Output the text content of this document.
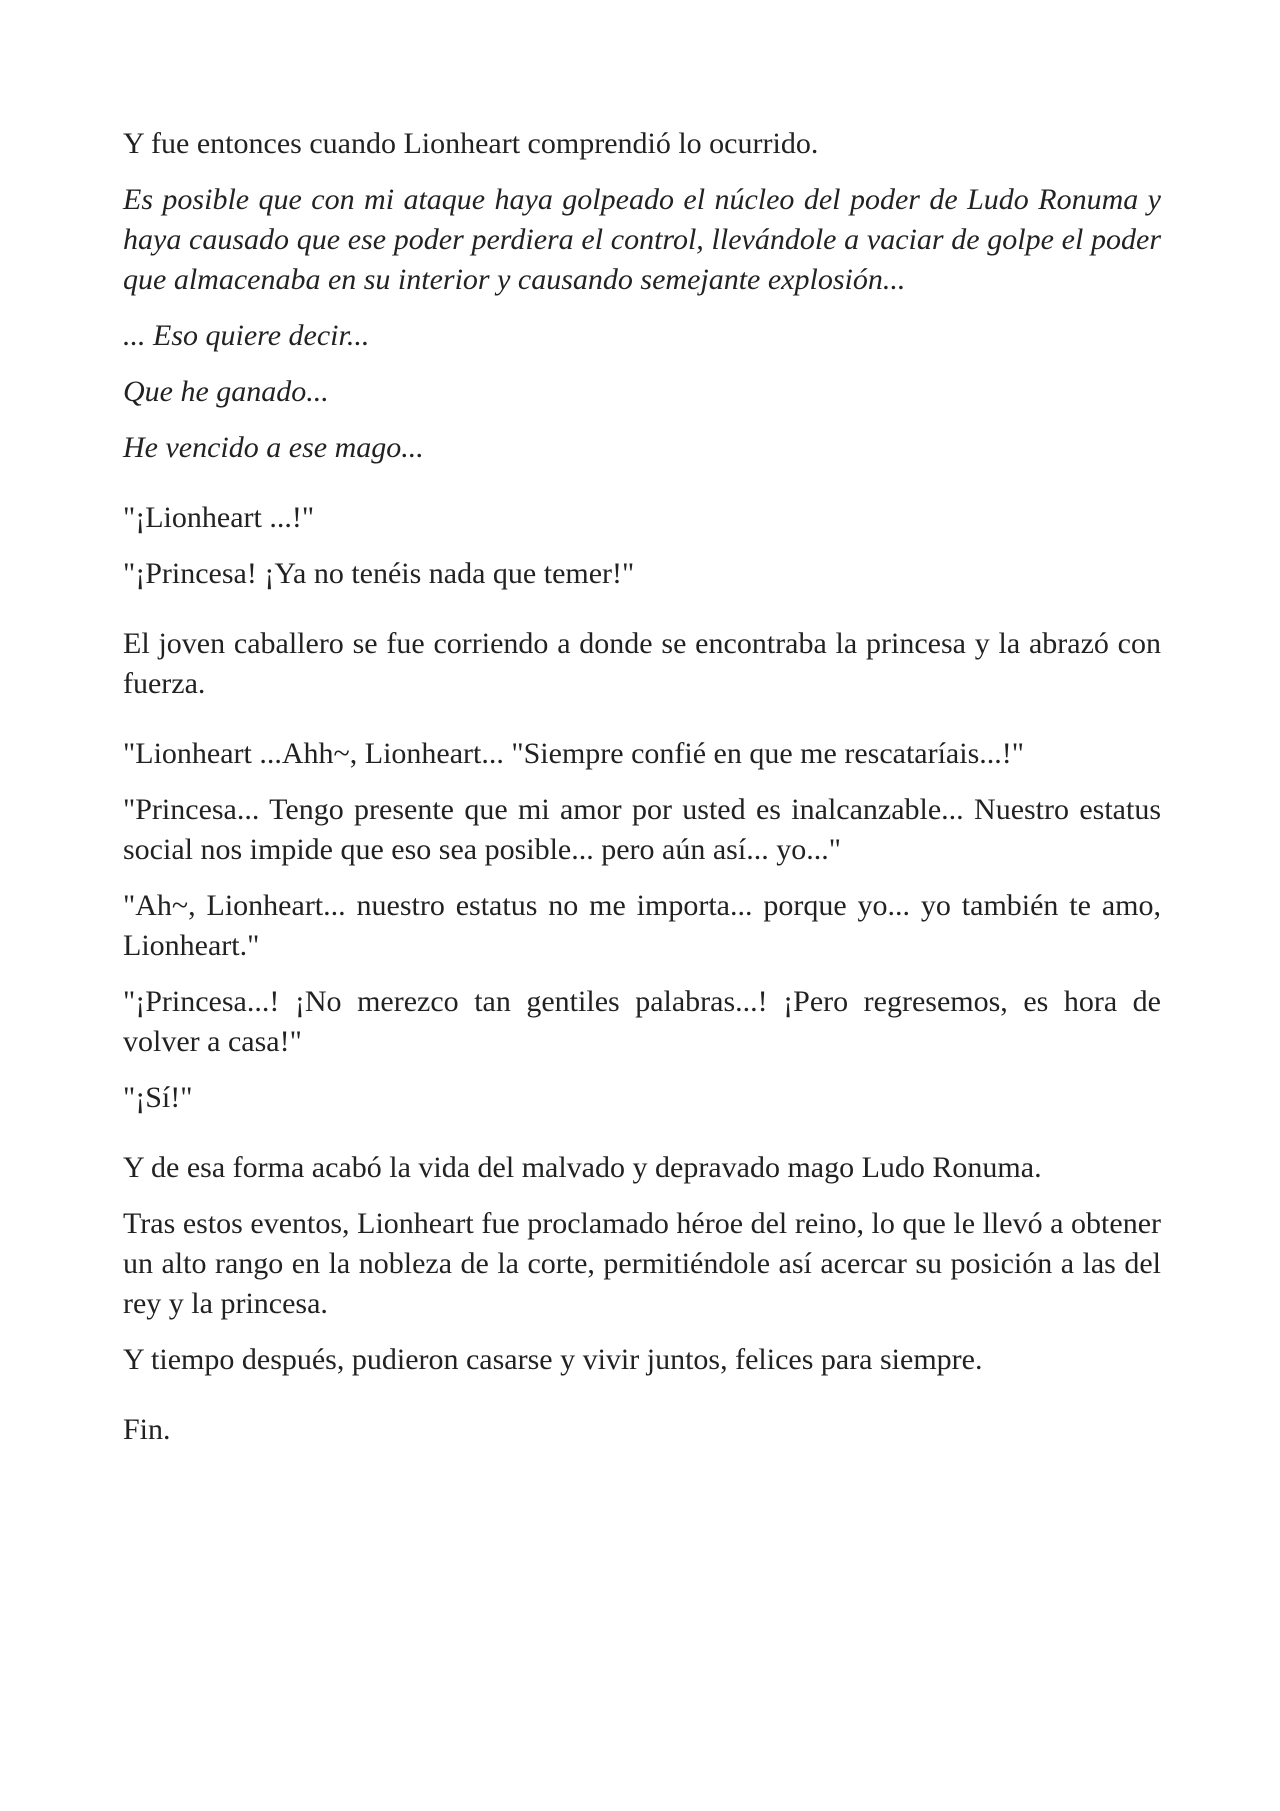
Y fue entonces cuando Lionheart comprendió lo ocurrido.

Es posible que con mi ataque haya golpeado el núcleo del poder de Ludo Ronuma y haya causado que ese poder perdiera el control, llevándole a vaciar de golpe el poder que almacenaba en su interior y causando semejante explosión...

... Eso quiere decir...

Que he ganado...

He vencido a ese mago...

"¡Lionheart ...!"

"¡Princesa! ¡Ya no tenéis nada que temer!"

El joven caballero se fue corriendo a donde se encontraba la princesa y la abrazó con fuerza.

"Lionheart ...Ahh~, Lionheart... "Siempre confié en que me rescataríais...!"

"Princesa... Tengo presente que mi amor por usted es inalcanzable... Nuestro estatus social nos impide que eso sea posible... pero aún así... yo..."

"Ah~, Lionheart... nuestro estatus no me importa... porque yo... yo también te amo, Lionheart."

"¡Princesa...! ¡No merezco tan gentiles palabras...! ¡Pero regresemos, es hora de volver a casa!"

"¡Sí!"

Y de esa forma acabó la vida del malvado y depravado mago Ludo Ronuma.

Tras estos eventos, Lionheart fue proclamado héroe del reino, lo que le llevó a obtener un alto rango en la nobleza de la corte, permitiéndole así acercar su posición a las del rey y la princesa.

Y tiempo después, pudieron casarse y vivir juntos, felices para siempre.

Fin.
